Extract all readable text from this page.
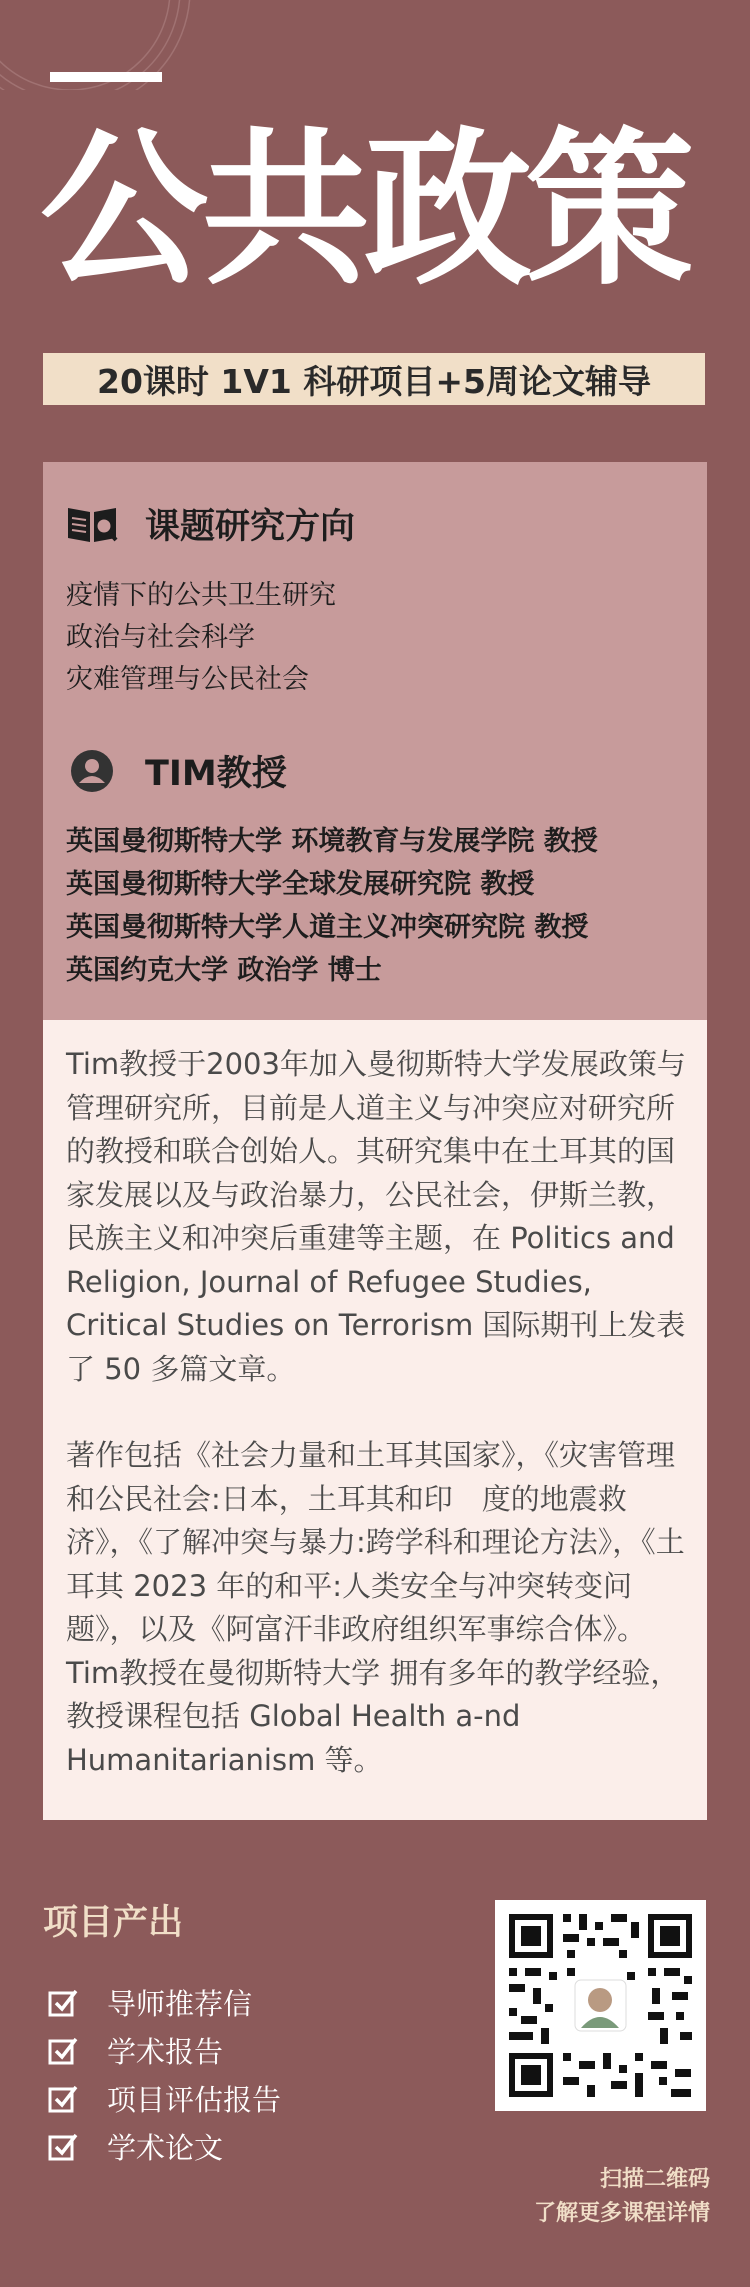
公共政策
20课时 1V1 科研项目+5周论文辅导
课题研究方向
疫情下的公共卫生研究
政治与社会科学
灾难管理与公民社会
TIM教授
英国曼彻斯特大学 环境教育与发展学院 教授
英国曼彻斯特大学全球发展研究院 教授
英国曼彻斯特大学人道主义冲突研究院 教授
英国约克大学 政治学 博士

Tim教授于2003年加入曼彻斯特大学发展政策与管理研究所，目前是人道主义与冲突应对研究所的教授和联合创始人。其研究集中在土耳其的国家发展以及与政治暴力，公民社会，伊斯兰教，民族主义和冲突后重建等主题，在 Politics and Religion, Journal of Refugee Studies, Critical Studies on Terrorism 国际期刊上发表了 50 多篇文章。

著作包括《社会力量和土耳其国家》，《灾害管理和公民社会:日本，土耳其和印　度的地震救济》，《了解冲突与暴力:跨学科和理论方法》，《土耳其 2023 年的和平:人类安全与冲突转变问题》，以及《阿富汗非政府组织军事综合体》。Tim教授在曼彻斯特大学 拥有多年的教学经验，教授课程包括 Global Health a-nd Humanitarianism 等。

项目产出
导师推荐信
学术报告
项目评估报告
学术论文
扫描二维码
了解更多课程详情
